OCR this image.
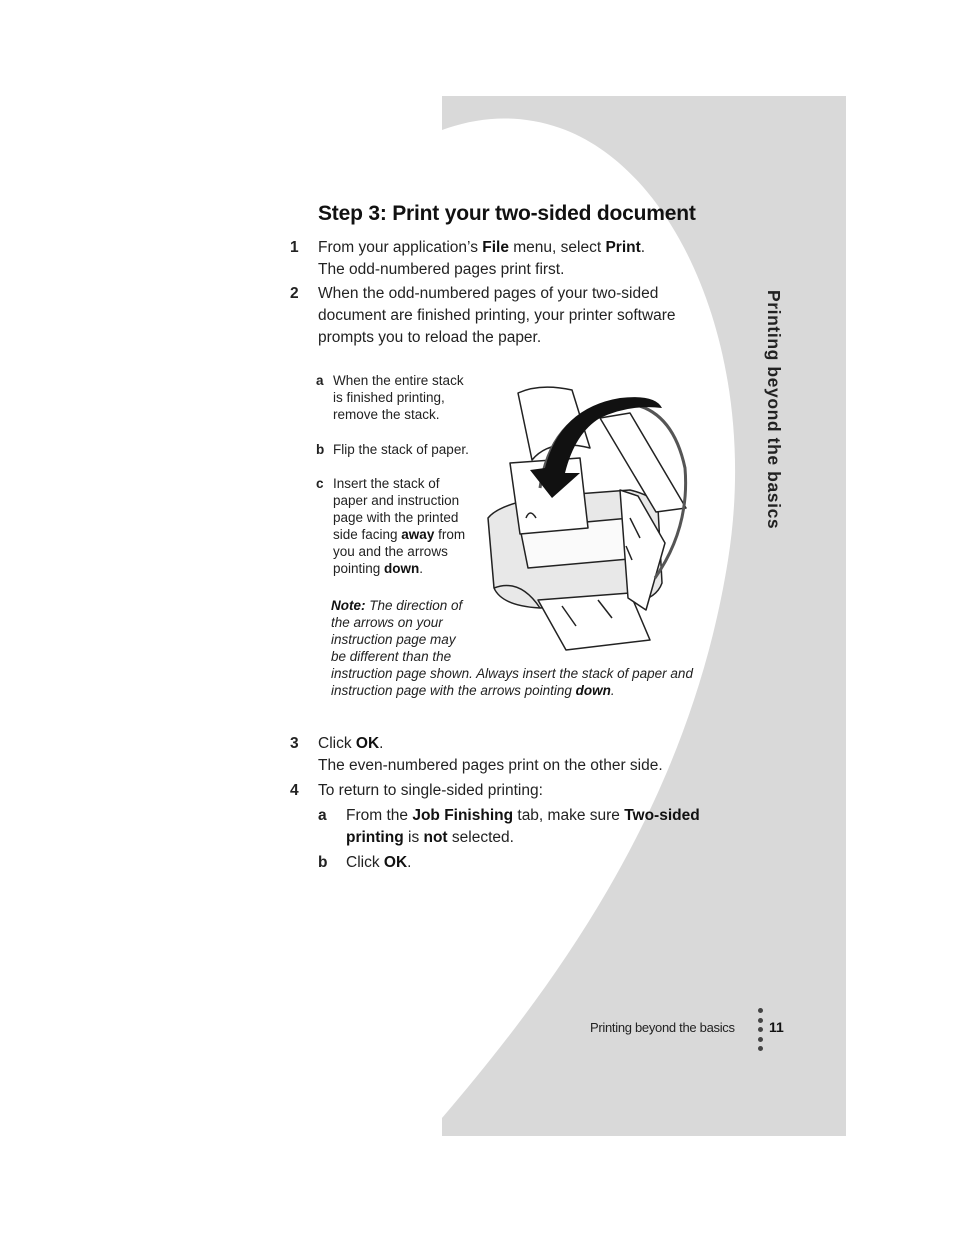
Step 3: Print your two-sided document
1 From your application’s File menu, select Print.
The odd-numbered pages print first.
2 When the odd-numbered pages of your two-sided
document are finished printing, your printer software
prompts you to reload the paper.
a When the entire stack
is finished printing,
remove the stack.
b Flip the stack of paper.
c Insert the stack of
paper and instruction
page with the printed
side facing away from
you and the arrows
pointing down.
Note: The direction of
the arrows on your
instruction page may
be different than the
instruction page shown. Always insert the stack of paper and
instruction page with the arrows pointing down.
3 Click OK.
The even-numbered pages print on the other side.
4 To return to single-sided printing:
a From the Job Finishing tab, make sure Two-sided
printing is not selected.
b Click OK.
Printing beyond the basics
Printing beyond the basics 11
